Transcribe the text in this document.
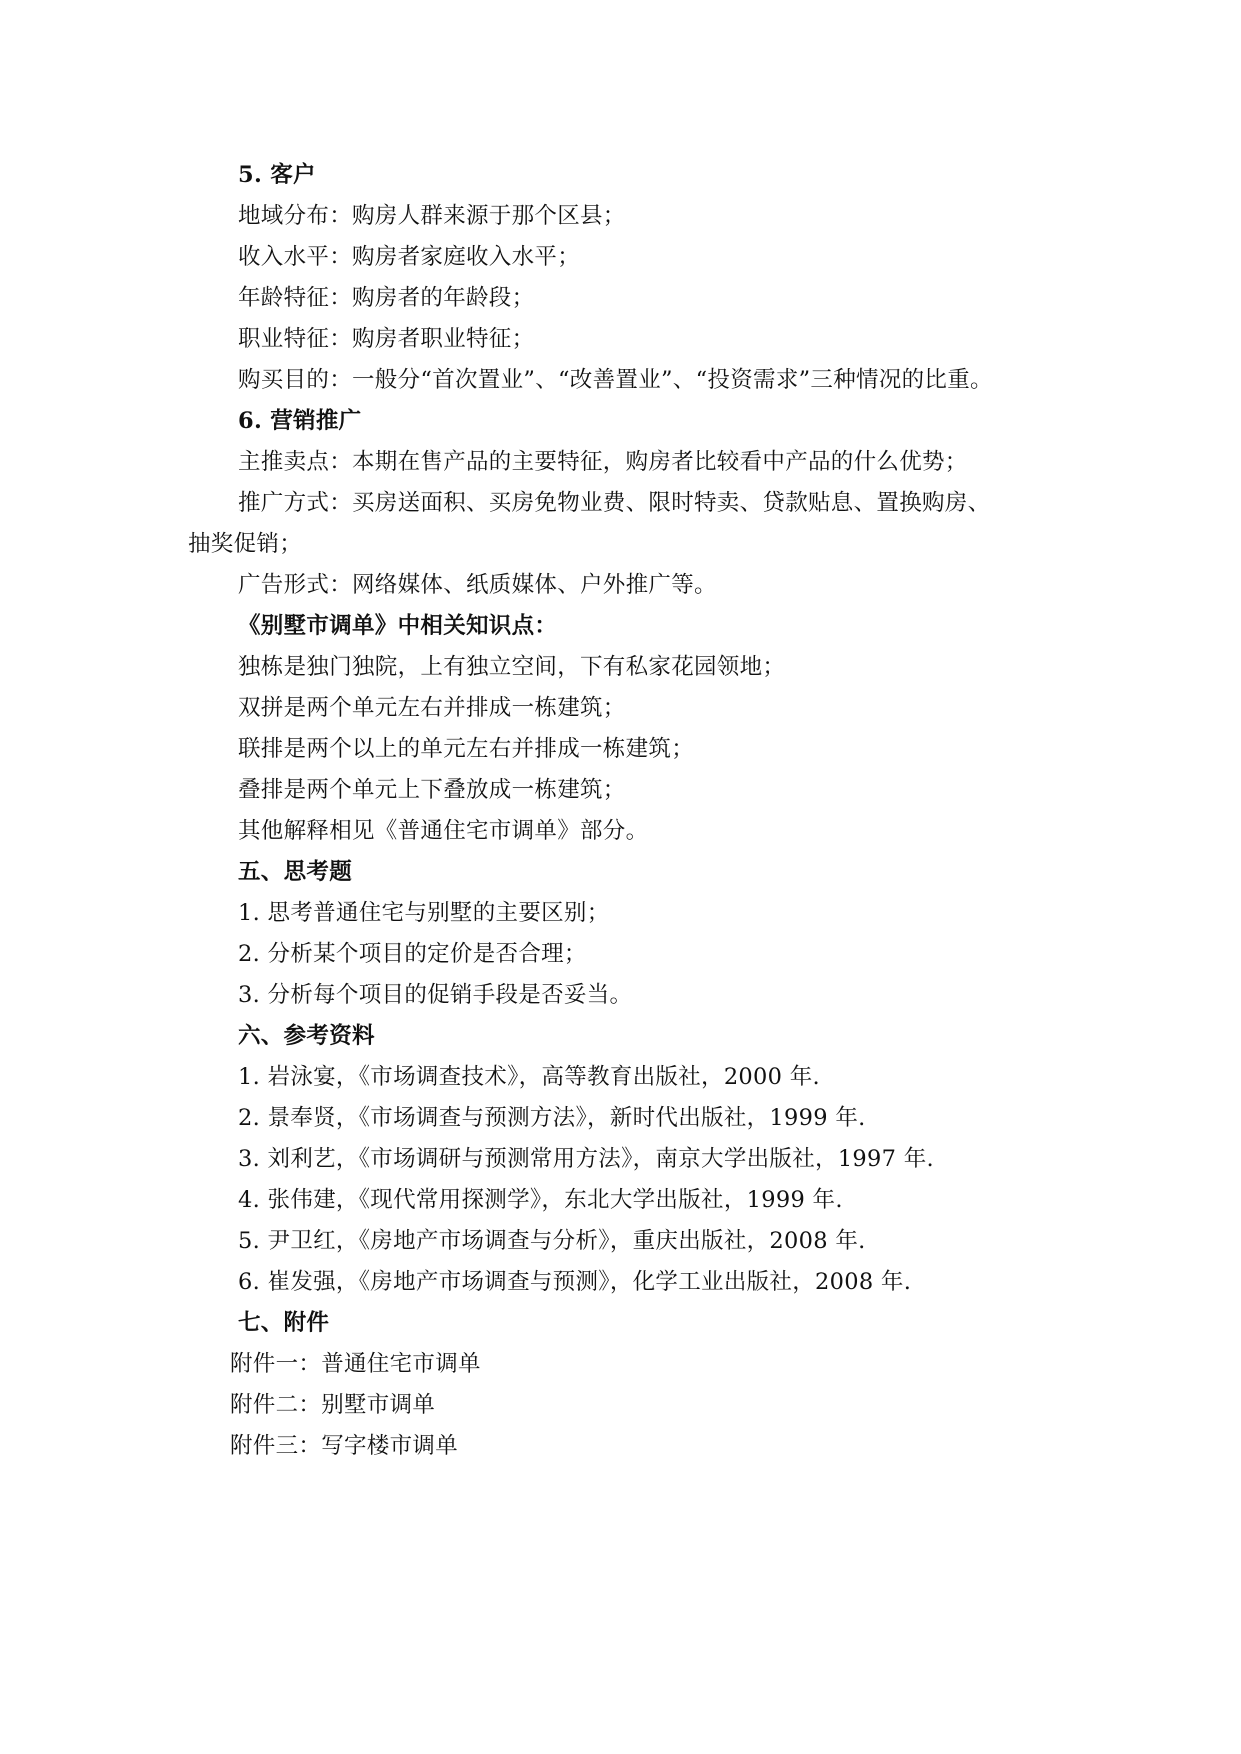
5. 客户
地域分布：购房人群来源于那个区县；
收入水平：购房者家庭收入水平；
年龄特征：购房者的年龄段；
职业特征：购房者职业特征；
购买目的：一般分“首次置业”、“改善置业”、“投资需求”三种情况的比重。
6. 营销推广
主推卖点：本期在售产品的主要特征，购房者比较看中产品的什么优势；
推广方式：买房送面积、买房免物业费、限时特卖、贷款贴息、置换购房、
抽奖促销；
广告形式：网络媒体、纸质媒体、户外推广等。
《别墅市调单》中相关知识点：
独栋是独门独院，上有独立空间，下有私家花园领地；
双拼是两个单元左右并排成一栋建筑；
联排是两个以上的单元左右并排成一栋建筑；
叠排是两个单元上下叠放成一栋建筑；
其他解释相见《普通住宅市调单》部分。
五、思考题
1. 思考普通住宅与别墅的主要区别；
2. 分析某个项目的定价是否合理；
3. 分析每个项目的促销手段是否妥当。
六、参考资料
1. 岩泳宴，《市场调查技术》，高等教育出版社，2000 年.
2. 景奉贤，《市场调查与预测方法》，新时代出版社，1999 年.
3. 刘利艺，《市场调研与预测常用方法》，南京大学出版社，1997 年.
4. 张伟建，《现代常用探测学》，东北大学出版社，1999 年.
5. 尹卫红，《房地产市场调查与分析》，重庆出版社，2008 年.
6. 崔发强，《房地产市场调查与预测》，化学工业出版社，2008 年.
七、附件
附件一：普通住宅市调单
附件二：别墅市调单
附件三：写字楼市调单
